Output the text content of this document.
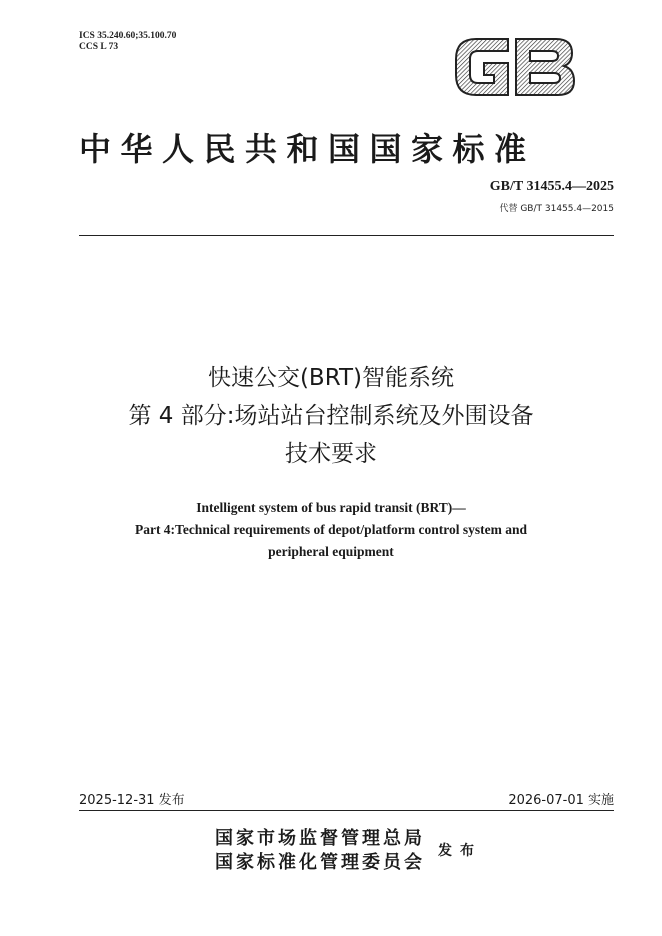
ICS 35.240.60;35.100.70
CCS L 73
中华人民共和国国家标准
GB/T 31455.4—2025
代替 GB/T 31455.4—2015
快速公交(BRT)智能系统
第 4 部分:场站站台控制系统及外围设备
技术要求
Intelligent system of bus rapid transit (BRT)—
Part 4:Technical requirements of depot/platform control system and
peripheral equipment
2025-12-31 发布	2026-07-01 实施
国家市场监督管理总局
国家标准化管理委员会
发布
